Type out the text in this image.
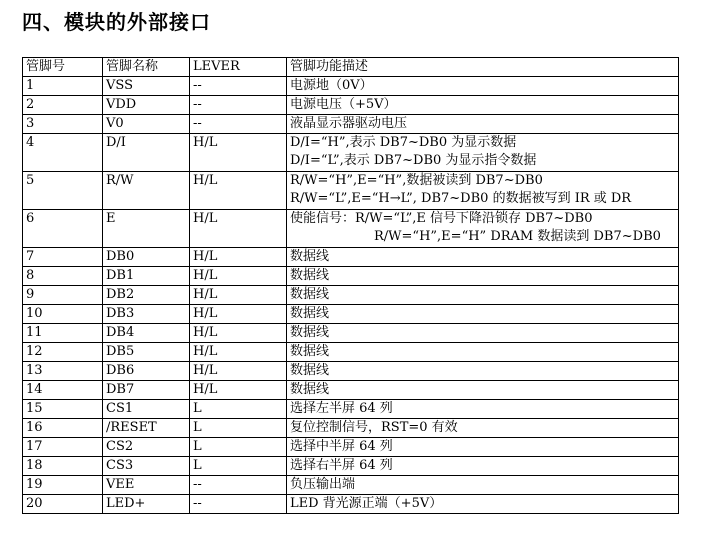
四、模块的外部接口
管脚号	管脚名称	LEVER	管脚功能描述
1	VSS	--	电源地（0V）

2	VDD	--	电源电压（+5V）

3	V0	--	液晶显示器驱动电压

4	D/I	H/L	D/I=“H”,表示 DB7~DB0 为显示数据
D/I=“L”,表示 DB7~DB0 为显示指令数据

5	R/W	H/L	R/W=“H”,E=“H”,数据被读到 DB7~DB0
R/W=“L”,E=“H→L”, DB7~DB0 的数据被写到 IR 或 DR

6	E	H/L	使能信号：R/W=“L”,E 信号下降沿锁存 DB7~DB0
R/W=“H”,E=“H” DRAM 数据读到 DB7~DB0

7	DB0	H/L	数据线

8	DB1	H/L	数据线

9	DB2	H/L	数据线

10	DB3	H/L	数据线

11	DB4	H/L	数据线

12	DB5	H/L	数据线

13	DB6	H/L	数据线

14	DB7	H/L	数据线

15	CS1	L	选择左半屏 64 列

16	/RESET	L	复位控制信号，RST=0 有效

17	CS2	L	选择中半屏 64 列

18	CS3	L	选择右半屏 64 列

19	VEE	--	负压输出端

20	LED+	--	LED 背光源正端（+5V）
